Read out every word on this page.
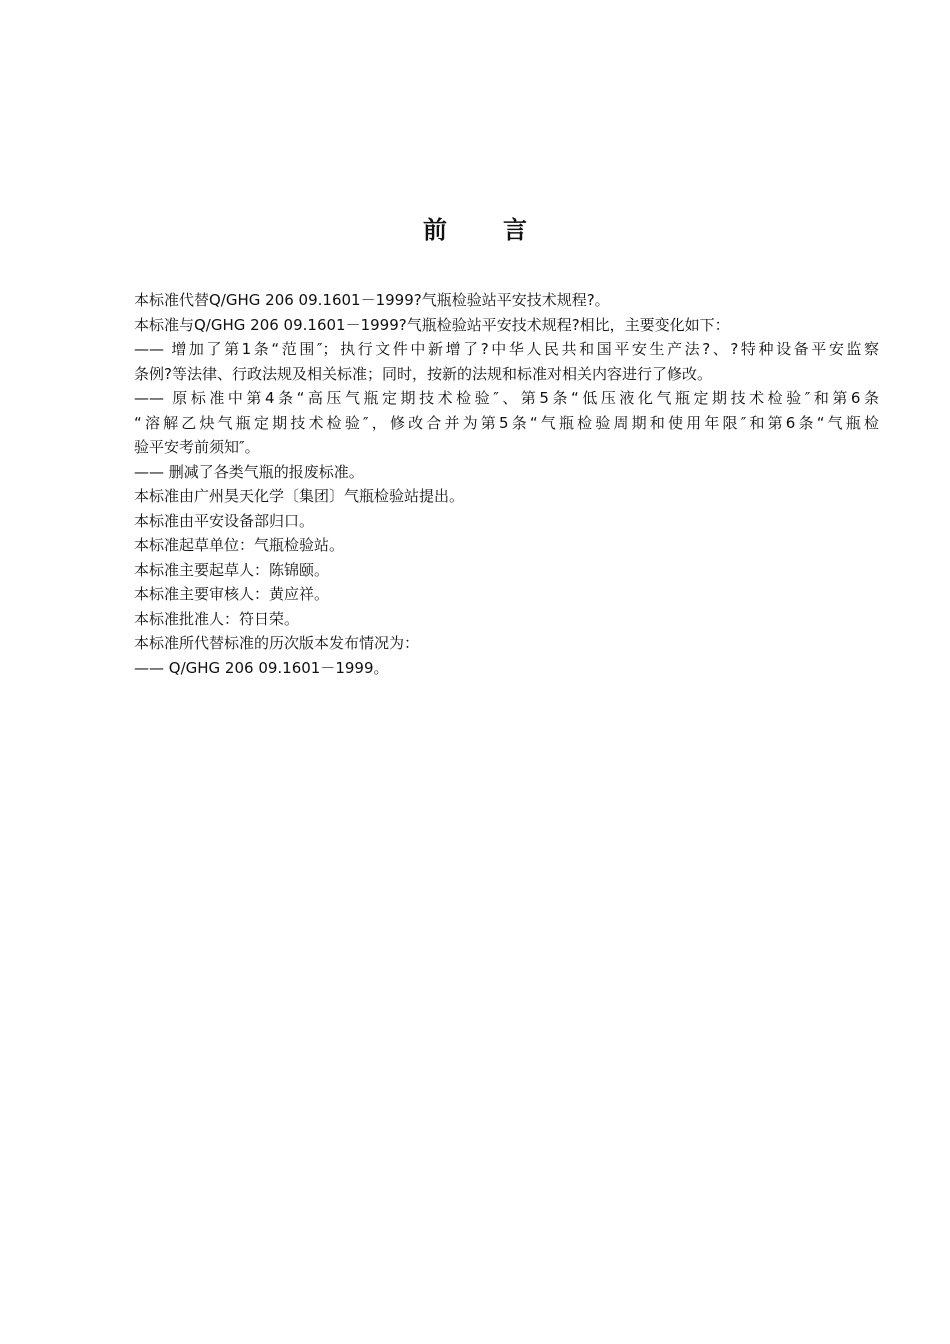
前 言
本标准代替Q/GHG 206 09.1601－1999?气瓶检验站平安技术规程?。
本标准与Q/GHG 206 09.1601－1999?气瓶检验站平安技术规程?相比，主要变化如下：
—— 增加了第1条“范围″；执行文件中新增了?中华人民共和国平安生产法?、?特种设备平安监察
条例?等法律、行政法规及相关标准；同时，按新的法规和标准对相关内容进行了修改。
—— 原标准中第4条“高压气瓶定期技术检验″、第5条“低压液化气瓶定期技术检验″和第6条
“溶解乙炔气瓶定期技术检验″，修改合并为第5条“气瓶检验周期和使用年限″和第6条“气瓶检
验平安考前须知″。
—— 删减了各类气瓶的报废标准。
本标准由广州昊天化学〔集团〕气瓶检验站提出。
本标准由平安设备部归口。
本标准起草单位：气瓶检验站。
本标准主要起草人：陈锦颐。
本标准主要审核人：黄应祥。
本标准批准人：符日荣。
本标准所代替标准的历次版本发布情况为：
—— Q/GHG 206 09.1601－1999。
